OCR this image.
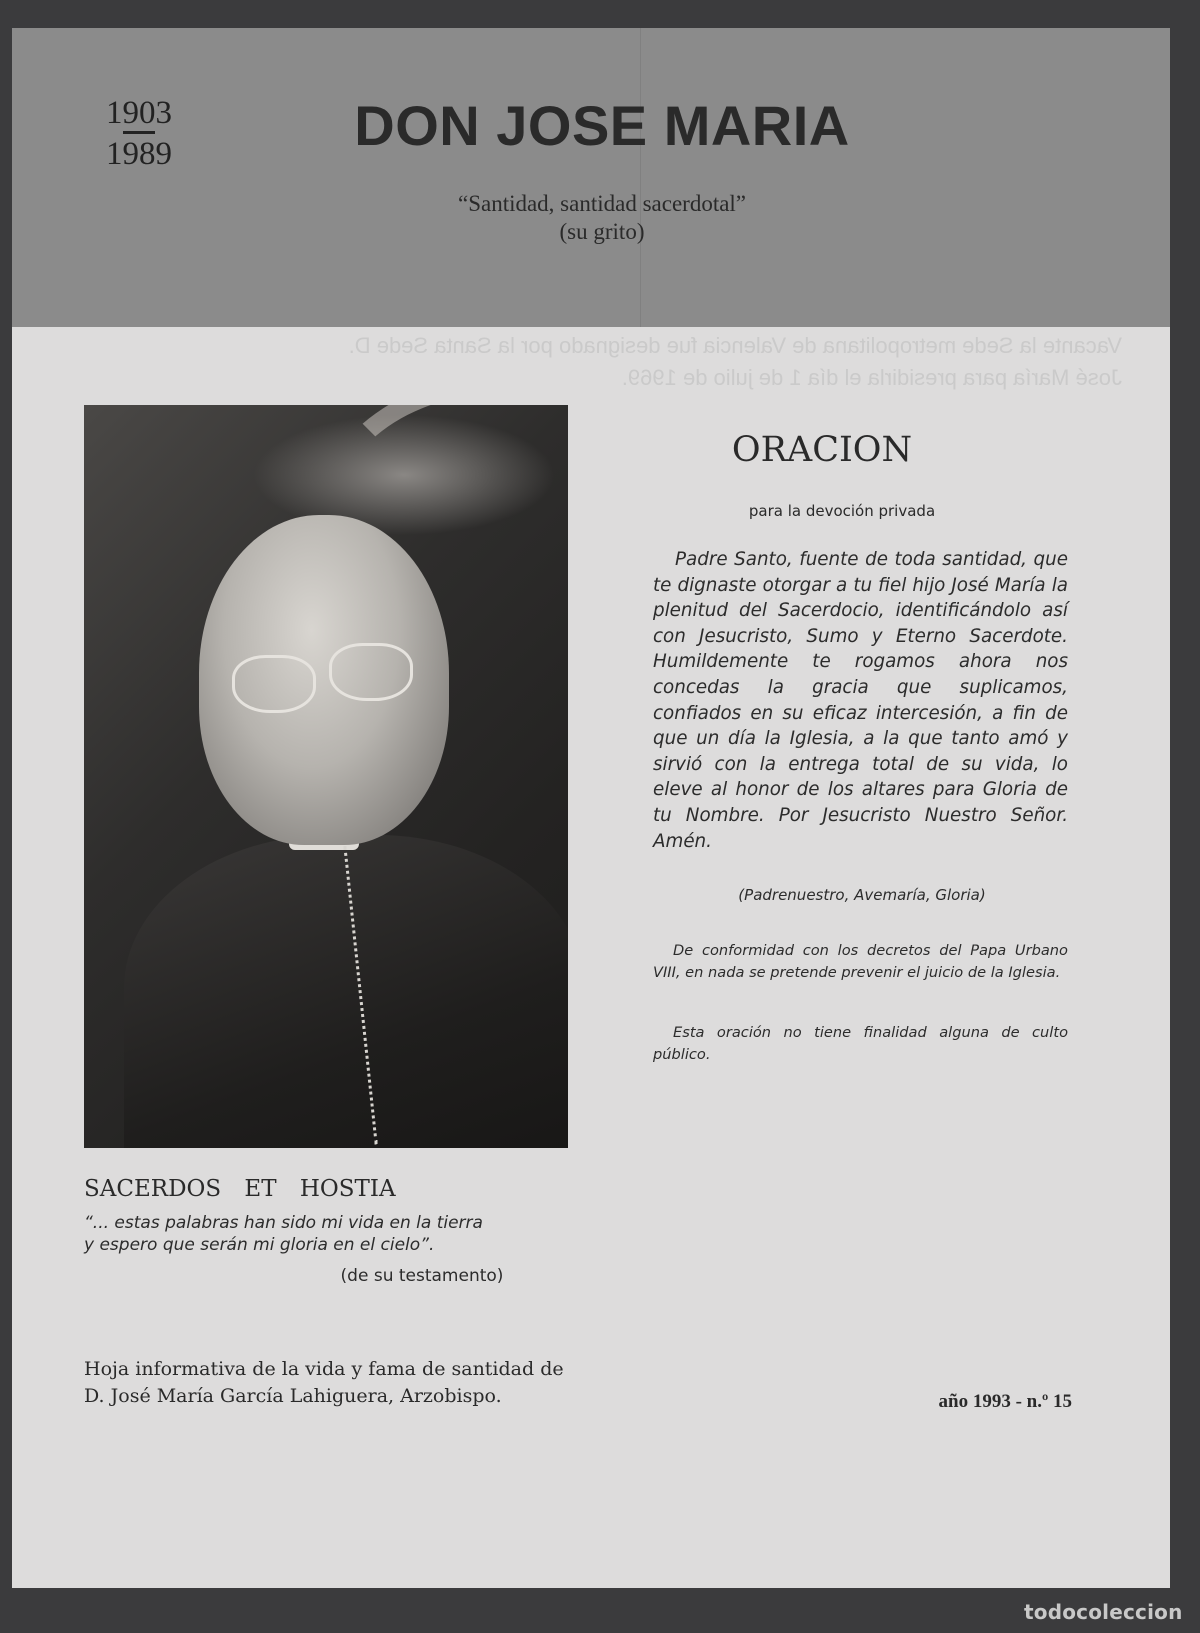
Vacante la Sede metropolitana de Valencia fue designado por la Santa Sede D.
José María para presidirla el día 1 de julio de 1969.
1903
1989	DON JOSE MARIA
“Santidad, santidad sacerdotal”
(su grito)
ORACION
para la devoción privada
Padre Santo, fuente de toda santidad, que te dignaste otorgar a tu fiel hijo José María la plenitud del Sacerdocio, identificándolo así con Jesucristo, Sumo y Eterno Sacerdote. Humildemente te rogamos ahora nos concedas la gracia que suplicamos, confiados en su eficaz intercesión, a fin de que un día la Iglesia, a la que tanto amó y sirvió con la entrega total de su vida, lo eleve al honor de los altares para Gloria de tu Nombre. Por Jesucristo Nuestro Señor. Amén.
(Padrenuestro, Avemaría, Gloria)
De conformidad con los decretos del Papa Urbano VIII, en nada se pretende prevenir el juicio de la Iglesia.
Esta oración no tiene finalidad alguna de culto público.
SACERDOS ET HOSTIA
“... estas palabras han sido mi vida en la tierra
y espero que serán mi gloria en el cielo”.
(de su testamento)
Hoja informativa de la vida y fama de santidad de
D. José María García Lahiguera, Arzobispo.	año 1993 - n.º 15
todocoleccion
